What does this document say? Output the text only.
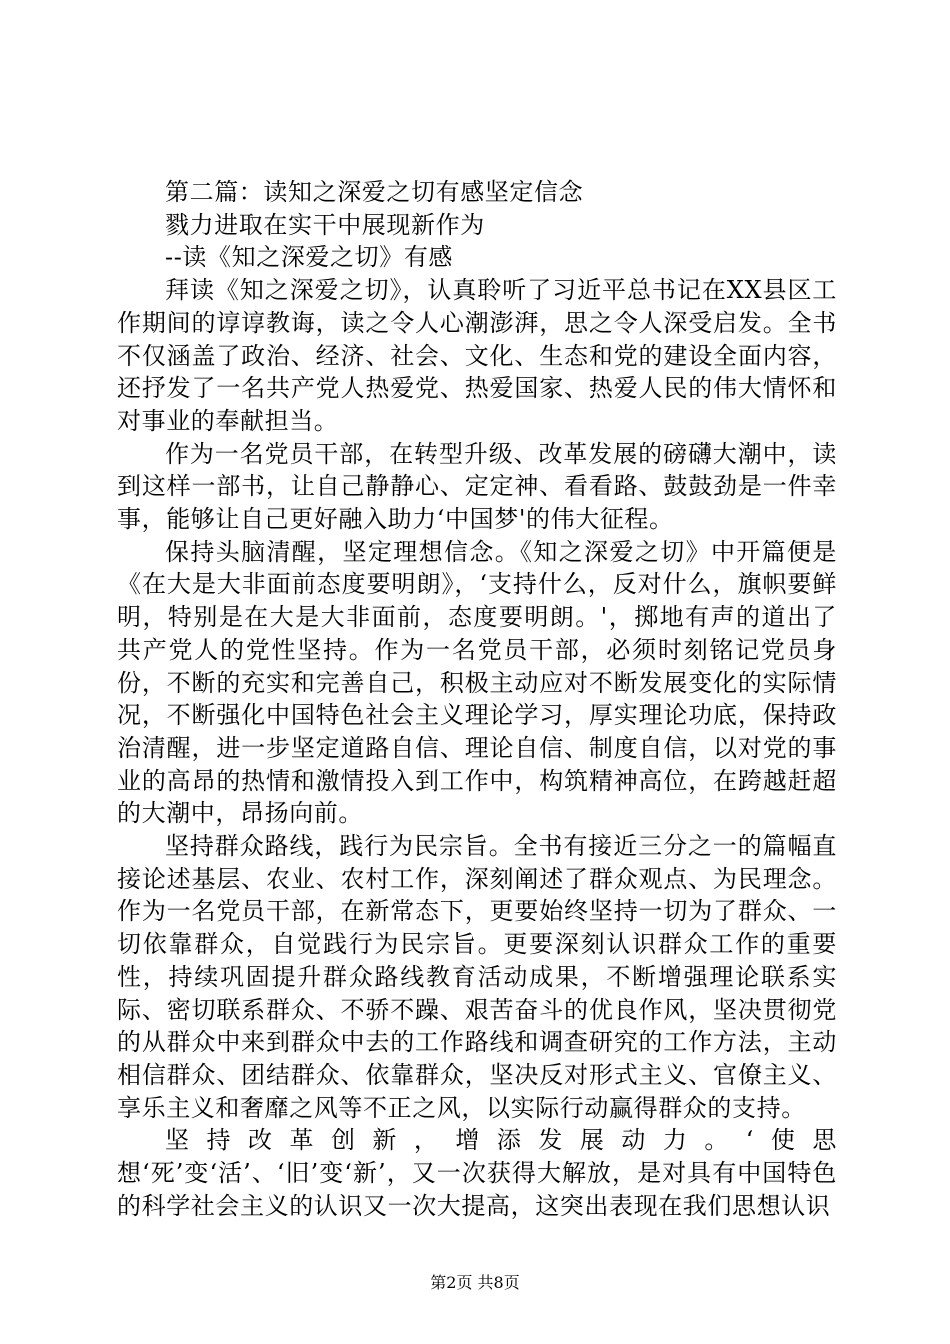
第二篇：读知之深爱之切有感坚定信念

戮力进取在实干中展现新作为

--读《知之深爱之切》有感

拜读《知之深爱之切》，认真聆听了习近平总书记在XX县区工作期间的谆谆教诲，读之令人心潮澎湃，思之令人深受启发。全书不仅涵盖了政治、经济、社会、文化、生态和党的建设全面内容，还抒发了一名共产党人热爱党、热爱国家、热爱人民的伟大情怀和对事业的奉献担当。

作为一名党员干部，在转型升级、改革发展的磅礴大潮中，读到这样一部书，让自己静静心、定定神、看看路、鼓鼓劲是一件幸事，能够让自己更好融入助力‘中国梦'的伟大征程。

保持头脑清醒，坚定理想信念。《知之深爱之切》中开篇便是《在大是大非面前态度要明朗》，‘支持什么，反对什么，旗帜要鲜明，特别是在大是大非面前，态度要明朗。'，掷地有声的道出了共产党人的党性坚持。作为一名党员干部，必须时刻铭记党员身份，不断的充实和完善自己，积极主动应对不断发展变化的实际情况，不断强化中国特色社会主义理论学习，厚实理论功底，保持政治清醒，进一步坚定道路自信、理论自信、制度自信，以对党的事业的高昂的热情和激情投入到工作中，构筑精神高位，在跨越赶超的大潮中，昂扬向前。

坚持群众路线，践行为民宗旨。全书有接近三分之一的篇幅直接论述基层、农业、农村工作，深刻阐述了群众观点、为民理念。作为一名党员干部，在新常态下，更要始终坚持一切为了群众、一切依靠群众，自觉践行为民宗旨。更要深刻认识群众工作的重要性，持续巩固提升群众路线教育活动成果，不断增强理论联系实际、密切联系群众、不骄不躁、艰苦奋斗的优良作风，坚决贯彻党的从群众中来到群众中去的工作路线和调查研究的工作方法，主动相信群众、团结群众、依靠群众，坚决反对形式主义、官僚主义、享乐主义和奢靡之风等不正之风，以实际行动赢得群众的支持。

坚持改革创新，增添发展动力。‘使思想‘死’变‘活’、‘旧’变‘新’，又一次获得大解放，是对具有中国特色的科学社会主义的认识又一次大提高，这突出表现在我们思想认识

第2页 共8页
